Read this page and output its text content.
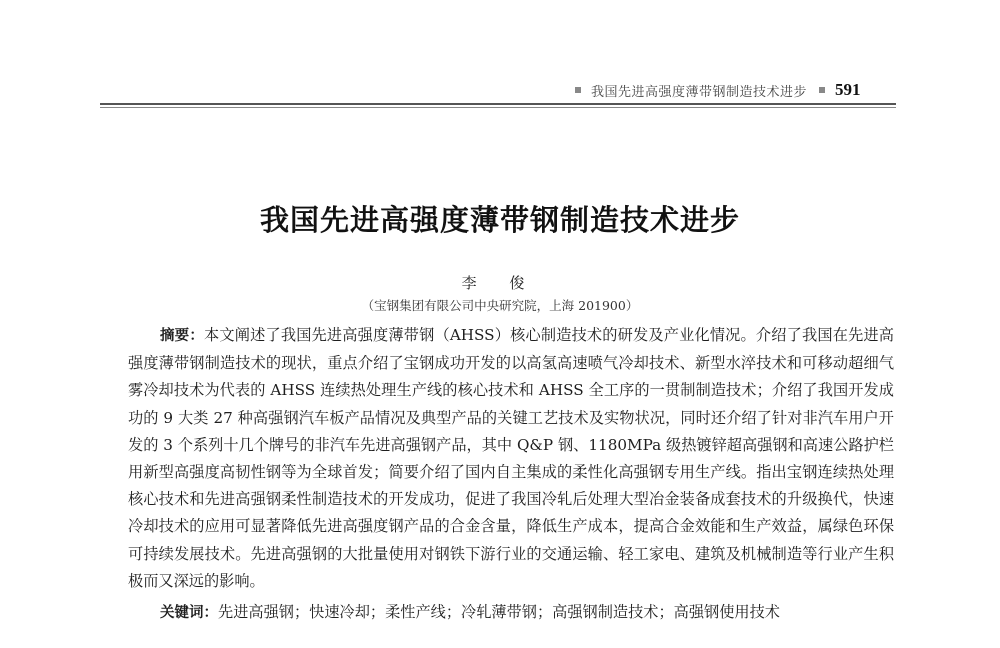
我国先进高强度薄带钢制造技术进步 591
我国先进高强度薄带钢制造技术进步
李 俊
（宝钢集团有限公司中央研究院，上海 201900）
摘要：本文阐述了我国先进高强度薄带钢（AHSS）核心制造技术的研发及产业化情况。介绍了我国在先进高强度薄带钢制造技术的现状，重点介绍了宝钢成功开发的以高氢高速喷气冷却技术、新型水淬技术和可移动超细气雾冷却技术为代表的 AHSS 连续热处理生产线的核心技术和 AHSS 全工序的一贯制制造技术；介绍了我国开发成功的 9 大类 27 种高强钢汽车板产品情况及典型产品的关键工艺技术及实物状况，同时还介绍了针对非汽车用户开发的 3 个系列十几个牌号的非汽车先进高强钢产品，其中 Q&P 钢、1180MPa 级热镀锌超高强钢和高速公路护栏用新型高强度高韧性钢等为全球首发；简要介绍了国内自主集成的柔性化高强钢专用生产线。指出宝钢连续热处理核心技术和先进高强钢柔性制造技术的开发成功，促进了我国冷轧后处理大型冶金装备成套技术的升级换代，快速冷却技术的应用可显著降低先进高强度钢产品的合金含量，降低生产成本，提高合金效能和生产效益，属绿色环保可持续发展技术。先进高强钢的大批量使用对钢铁下游行业的交通运输、轻工家电、建筑及机械制造等行业产生积极而又深远的影响。
关键词：先进高强钢；快速冷却；柔性产线；冷轧薄带钢；高强钢制造技术；高强钢使用技术
